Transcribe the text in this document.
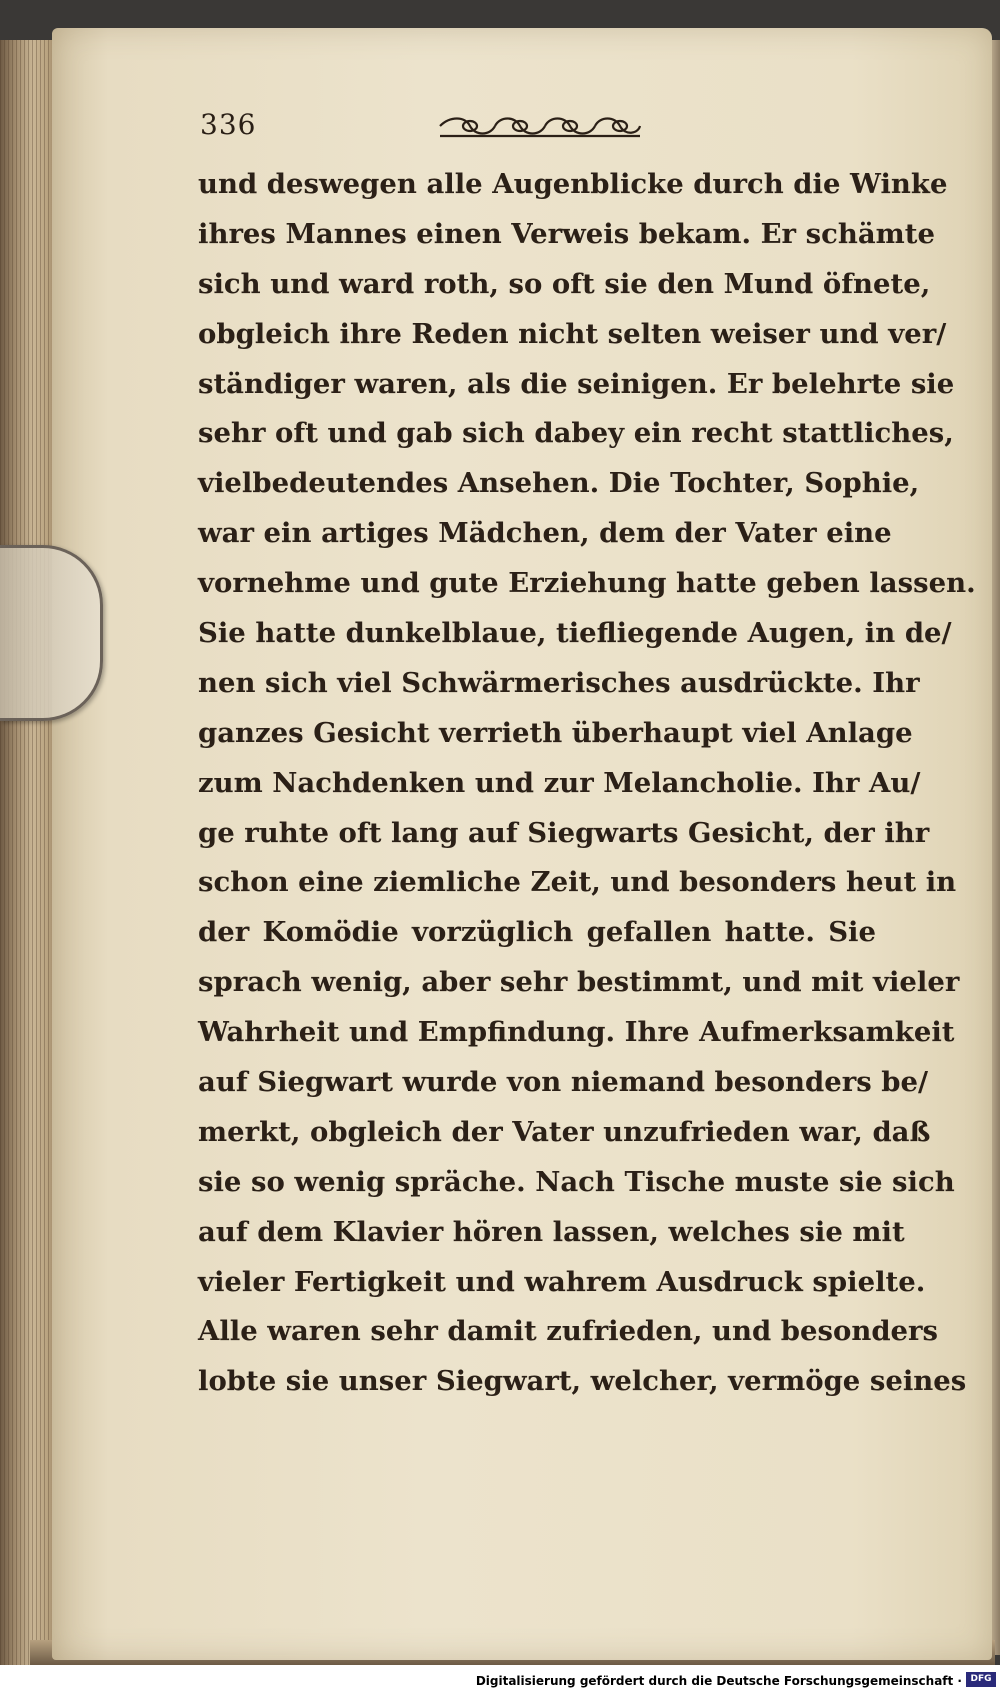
336
und deswegen alle Augenblicke durch die Winke
ihres Mannes einen Verweis bekam. Er schämte
sich und ward roth, so oft sie den Mund öfnete,
obgleich ihre Reden nicht selten weiser und ver/
ständiger waren, als die seinigen. Er belehrte sie
sehr oft und gab sich dabey ein recht stattliches,
vielbedeutendes Ansehen. Die Tochter, Sophie,
war ein artiges Mädchen, dem der Vater eine
vornehme und gute Erziehung hatte geben lassen.
Sie hatte dunkelblaue, tiefliegende Augen, in de/
nen sich viel Schwärmerisches ausdrückte. Ihr
ganzes Gesicht verrieth überhaupt viel Anlage
zum Nachdenken und zur Melancholie. Ihr Au/
ge ruhte oft lang auf Siegwarts Gesicht, der ihr
schon eine ziemliche Zeit, und besonders heut in
der Komödie vorzüglich gefallen hatte. Sie
sprach wenig, aber sehr bestimmt, und mit vieler
Wahrheit und Empfindung. Ihre Aufmerksamkeit
auf Siegwart wurde von niemand besonders be/
merkt, obgleich der Vater unzufrieden war, daß
sie so wenig spräche. Nach Tische muste sie sich
auf dem Klavier hören lassen, welches sie mit
vieler Fertigkeit und wahrem Ausdruck spielte.
Alle waren sehr damit zufrieden, und besonders
lobte sie unser Siegwart, welcher, vermöge seines
Digitalisierung gefördert durch die Deutsche Forschungsgemeinschaft · DFG
